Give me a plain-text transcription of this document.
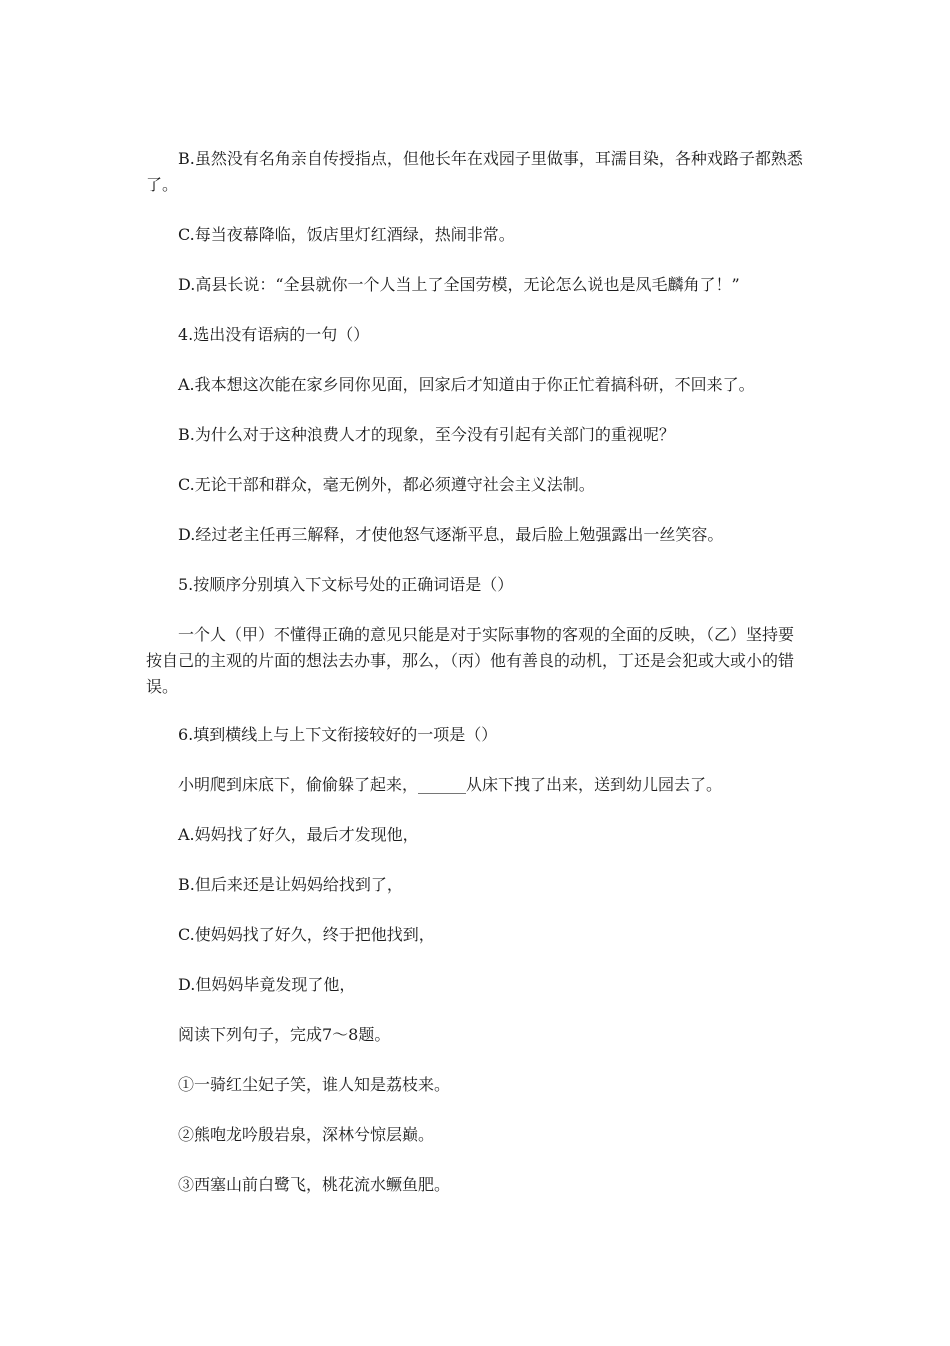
B.虽然没有名角亲自传授指点，但他长年在戏园子里做事，耳濡目染，各种戏路子都熟悉了。

C.每当夜幕降临，饭店里灯红酒绿，热闹非常。

D.高县长说：“全县就你一个人当上了全国劳模，无论怎么说也是凤毛麟角了！”

4.选出没有语病的一句（）

A.我本想这次能在家乡同你见面，回家后才知道由于你正忙着搞科研，不回来了。

B.为什么对于这种浪费人才的现象，至今没有引起有关部门的重视呢？

C.无论干部和群众，毫无例外，都必须遵守社会主义法制。

D.经过老主任再三解释，才使他怒气逐渐平息，最后脸上勉强露出一丝笑容。

5.按顺序分别填入下文标号处的正确词语是（）

一个人（甲）不懂得正确的意见只能是对于实际事物的客观的全面的反映，（乙）坚持要按自己的主观的片面的想法去办事，那么，（丙）他有善良的动机，丁还是会犯或大或小的错误。

6.填到横线上与上下文衔接较好的一项是（）

小明爬到床底下，偷偷躲了起来，______从床下拽了出来，送到幼儿园去了。

A.妈妈找了好久，最后才发现他，

B.但后来还是让妈妈给找到了，

C.使妈妈找了好久，终于把他找到，

D.但妈妈毕竟发现了他，

阅读下列句子，完成7～8题。

①一骑红尘妃子笑，谁人知是荔枝来。

②熊咆龙吟殷岩泉，深林兮惊层巅。

③西塞山前白鹭飞，桃花流水鳜鱼肥。
